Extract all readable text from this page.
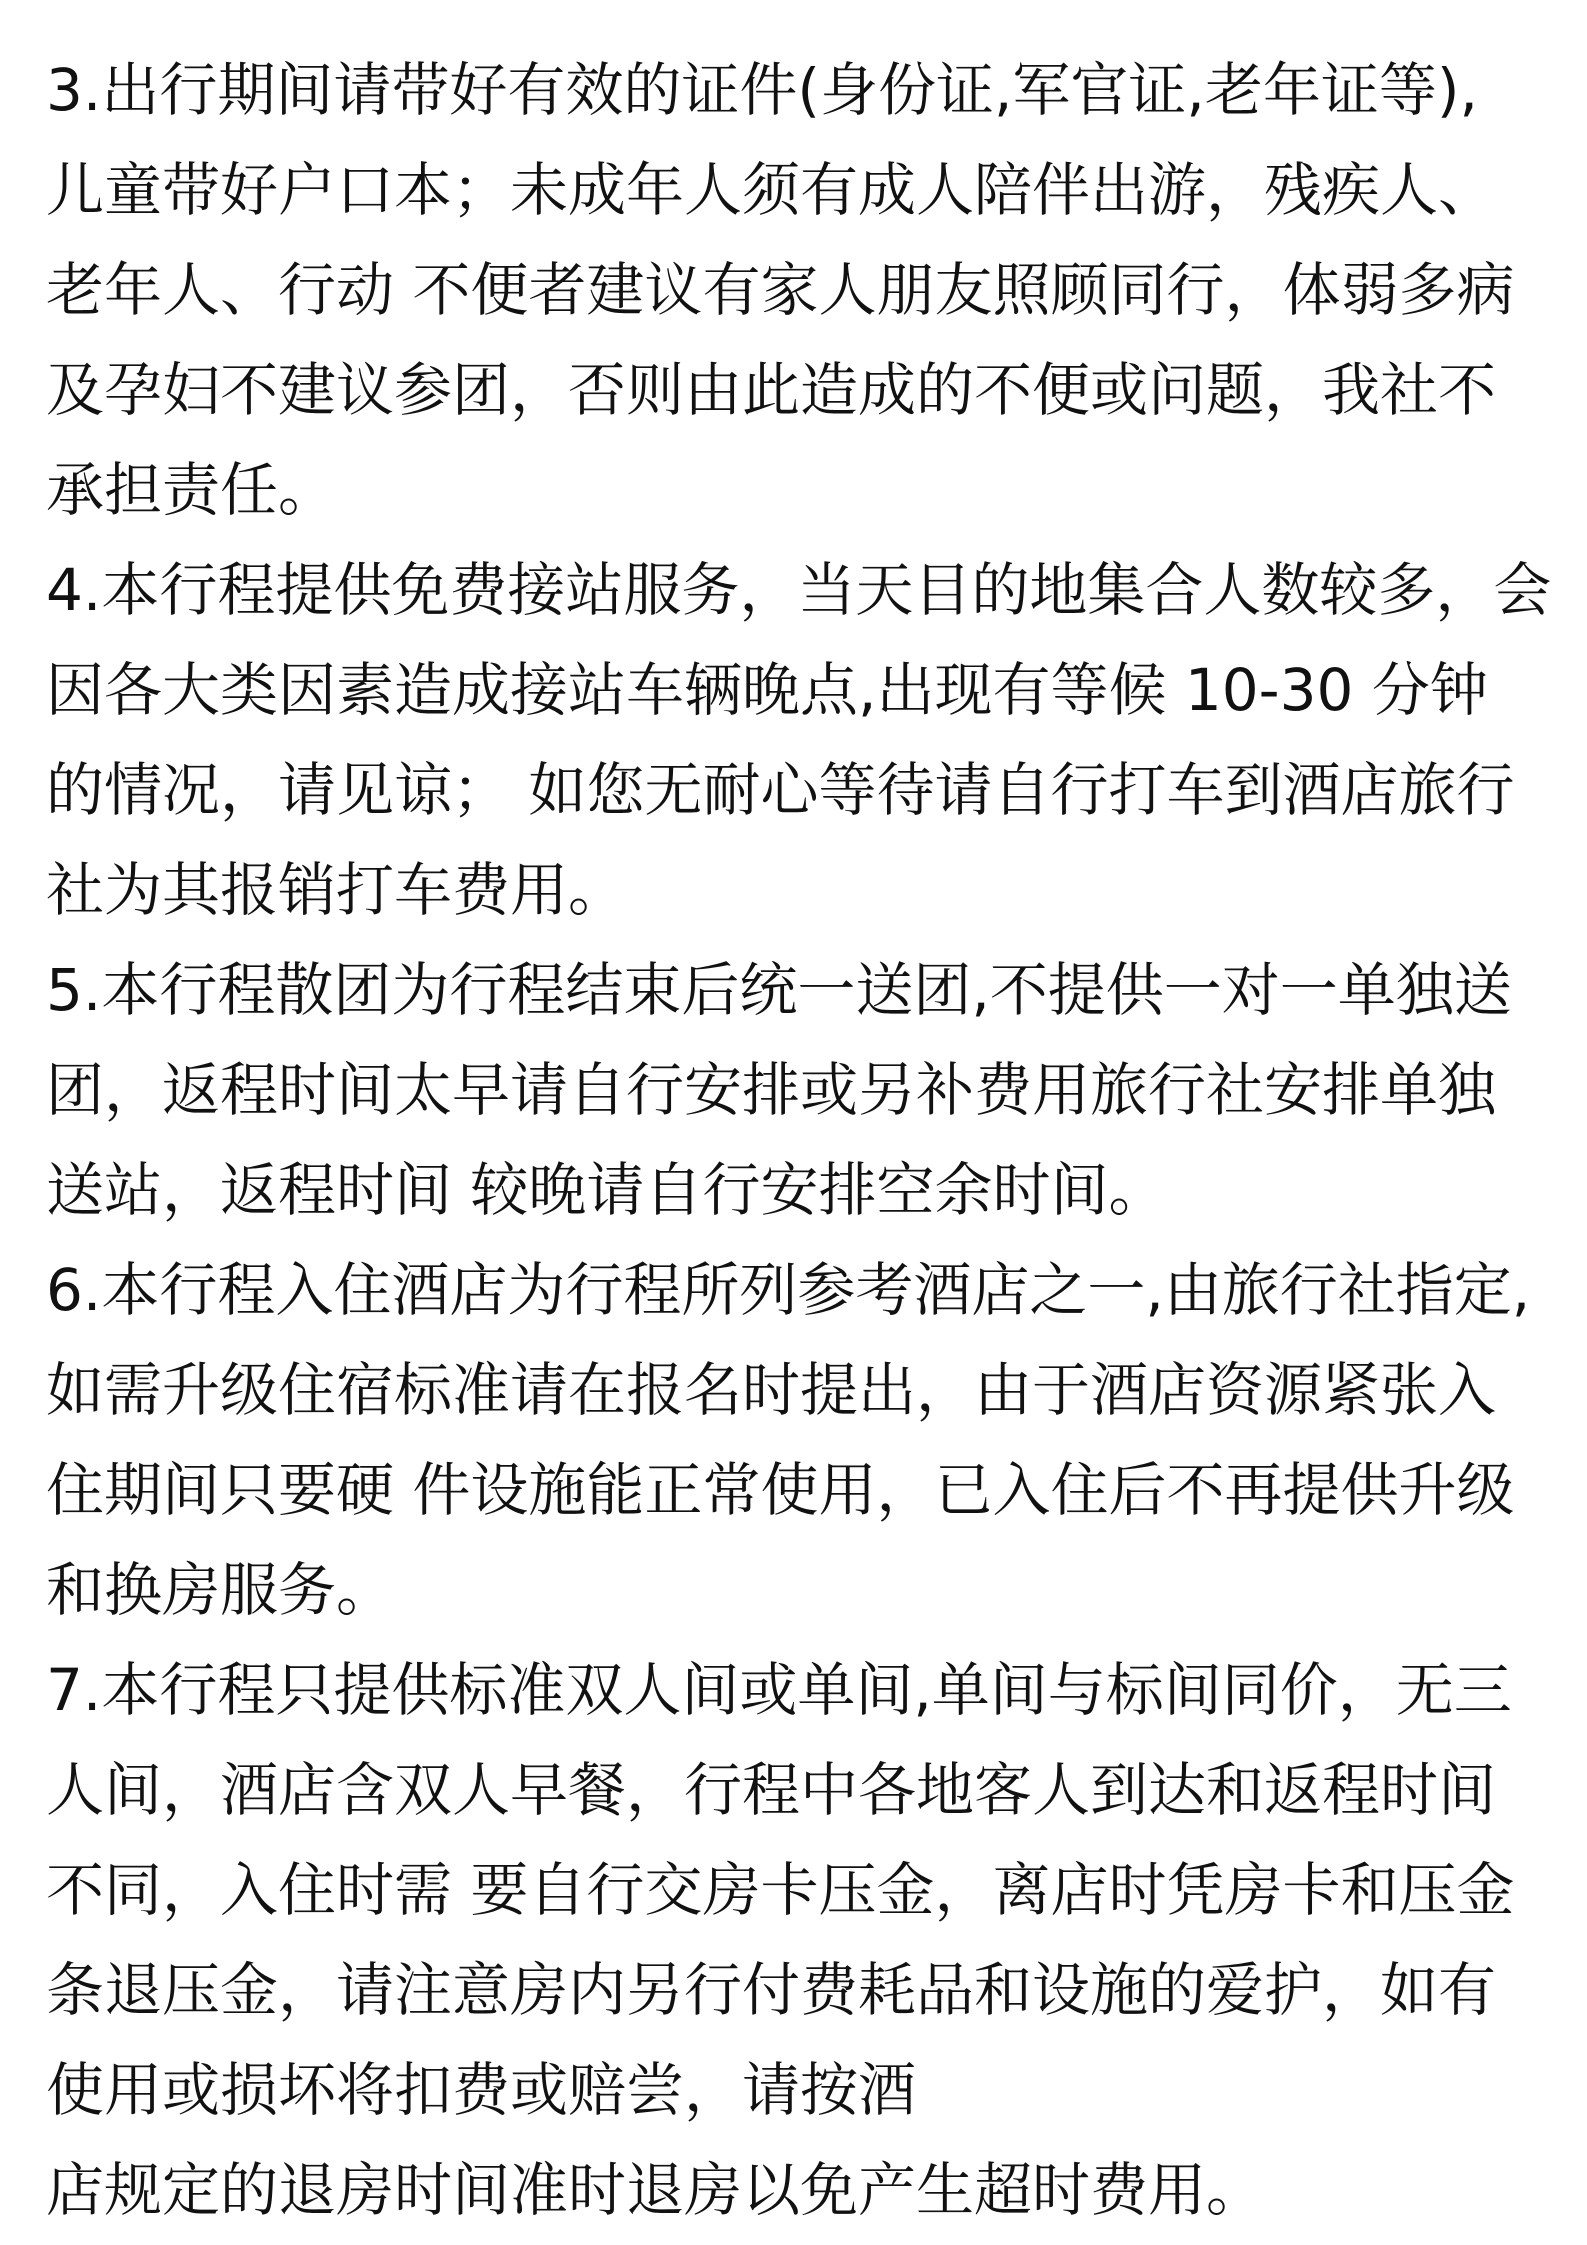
3.出行期间请带好有效的证件(身份证,军官证,老年证等),
儿童带好户口本；未成年人须有成人陪伴出游，残疾人、
老年人、行动 不便者建议有家人朋友照顾同行，体弱多病
及孕妇不建议参团，否则由此造成的不便或问题，我社不
承担责任。
4.本行程提供免费接站服务，当天目的地集合人数较多，会
因各大类因素造成接站车辆晚点,出现有等候 10-30 分钟
的情况，请见谅； 如您无耐心等待请自行打车到酒店旅行
社为其报销打车费用。
5.本行程散团为行程结束后统一送团,不提供一对一单独送
团，返程时间太早请自行安排或另补费用旅行社安排单独
送站，返程时间 较晚请自行安排空余时间。
6.本行程入住酒店为行程所列参考酒店之一,由旅行社指定,
如需升级住宿标准请在报名时提出，由于酒店资源紧张入
住期间只要硬 件设施能正常使用，已入住后不再提供升级
和换房服务。
7.本行程只提供标准双人间或单间,单间与标间同价，无三
人间，酒店含双人早餐，行程中各地客人到达和返程时间
不同，入住时需 要自行交房卡压金，离店时凭房卡和压金
条退压金，请注意房内另行付费耗品和设施的爱护，如有
使用或损坏将扣费或赔尝，请按酒
店规定的退房时间准时退房以免产生超时费用。
